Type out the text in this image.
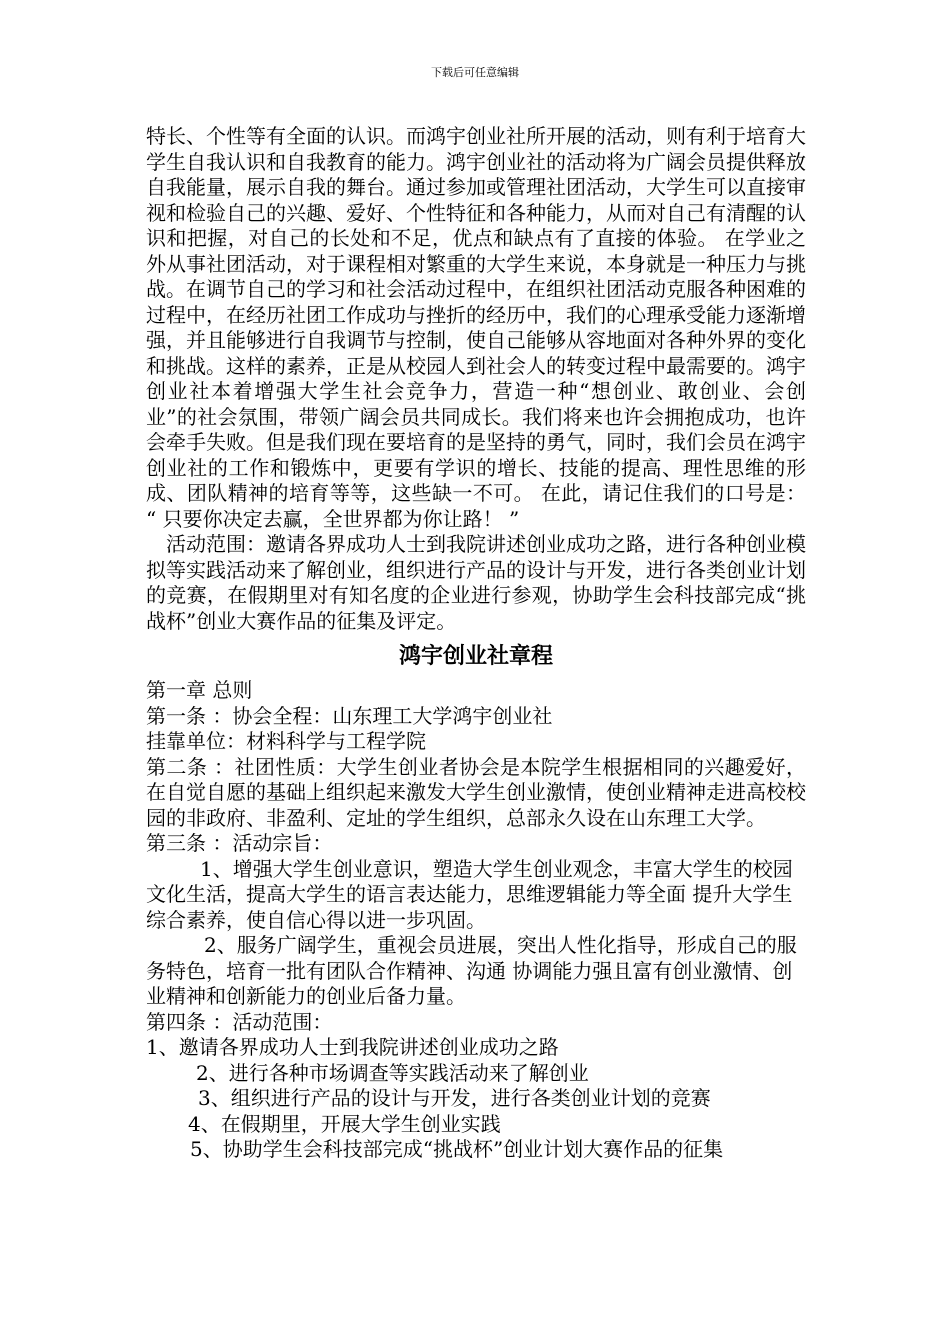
下载后可任意编辑

特长、个性等有全面的认识。而鸿宇创业社所开展的活动，则有利于培育大学生自我认识和自我教育的能力。鸿宇创业社的活动将为广阔会员提供释放自我能量，展示自我的舞台。通过参加或管理社团活动，大学生可以直接审视和检验自己的兴趣、爱好、个性特征和各种能力，从而对自己有清醒的认识和把握，对自己的长处和不足，优点和缺点有了直接的体验。 在学业之外从事社团活动，对于课程相对繁重的大学生来说，本身就是一种压力与挑战。在调节自己的学习和社会活动过程中，在组织社团活动克服各种困难的过程中，在经历社团工作成功与挫折的经历中，我们的心理承受能力逐渐增强，并且能够进行自我调节与控制，使自己能够从容地面对各种外界的变化和挑战。这样的素养，正是从校园人到社会人的转变过程中最需要的。鸿宇创业社本着增强大学生社会竞争力，营造一种“想创业、敢创业、会创业”的社会氛围，带领广阔会员共同成长。我们将来也许会拥抱成功，也许会牵手失败。但是我们现在要培育的是坚持的勇气，同时，我们会员在鸿宇创业社的工作和锻炼中，更要有学识的增长、技能的提高、理性思维的形成、团队精神的培育等等，这些缺一不可。 在此，请记住我们的口号是： “ 只要你决定去赢，全世界都为你让路！ ”

活动范围：邀请各界成功人士到我院讲述创业成功之路，进行各种创业模拟等实践活动来了解创业，组织进行产品的设计与开发，进行各类创业计划的竞赛，在假期里对有知名度的企业进行参观，协助学生会科技部完成“挑战杯”创业大赛作品的征集及评定。

鸿宇创业社章程

第一章 总则

第一条 ：协会全程：山东理工大学鸿宇创业社

挂靠单位：材料科学与工程学院

第二条 ：社团性质：大学生创业者协会是本院学生根据相同的兴趣爱好，在自觉自愿的基础上组织起来激发大学生创业激情，使创业精神走进高校校园的非政府、非盈利、定址的学生组织，总部永久设在山东理工大学。

第三条 ：活动宗旨：

1、增强大学生创业意识，塑造大学生创业观念，丰富大学生的校园文化生活，提高大学生的语言表达能力，思维逻辑能力等全面 提升大学生综合素养，使自信心得以进一步巩固。

2、服务广阔学生，重视会员进展，突出人性化指导，形成自己的服务特色，培育一批有团队合作精神、沟通 协调能力强且富有创业激情、创业精神和创新能力的创业后备力量。

第四条 ：活动范围：

1、邀请各界成功人士到我院讲述创业成功之路

2、进行各种市场调查等实践活动来了解创业

3、组织进行产品的设计与开发，进行各类创业计划的竞赛

4、在假期里，开展大学生创业实践

5、协助学生会科技部完成“挑战杯”创业计划大赛作品的征集
